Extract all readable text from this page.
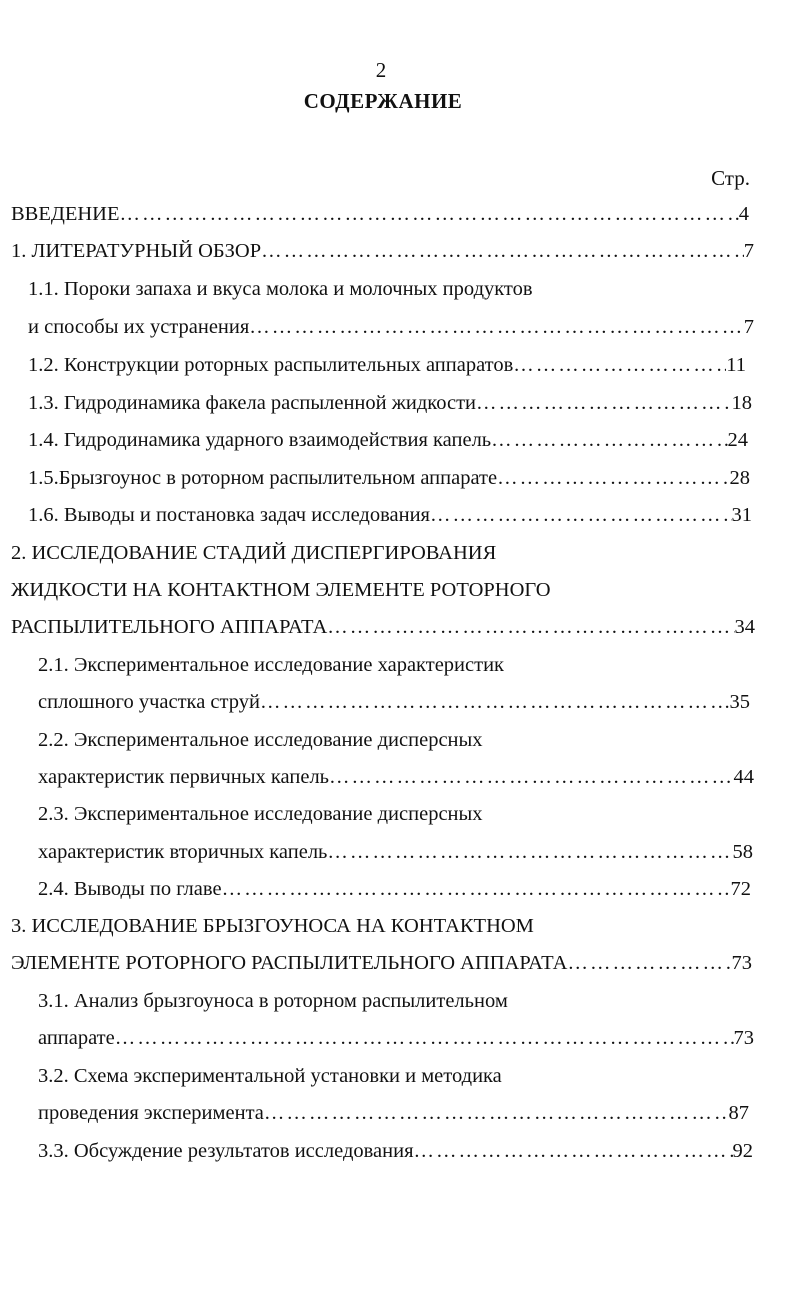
2
СОДЕРЖАНИЕ
Стр.
ВВЕДЕНИЕ …………………………………………………………………………………………………………………………	4
1. ЛИТЕРАТУРНЫЙ ОБЗОР …………………………………………………………………………………………………………………………	7
1.1. Пороки запаха и вкуса молока и молочных продуктов
и способы их устранения …………………………………………………………………………………………………………………………	7
1.2. Конструкции роторных распылительных аппаратов …………………………………………………………………………………………………………………………	11
1.3. Гидродинамика факела распыленной жидкости …………………………………………………………………………………………………………………………	18
1.4. Гидродинамика ударного взаимодействия капель …………………………………………………………………………………………………………………………	24
1.5.Брызгоунос в роторном распылительном аппарате …………………………………………………………………………………………………………………………	28
1.6. Выводы и постановка задач исследования …………………………………………………………………………………………………………………………	31
2. ИССЛЕДОВАНИЕ СТАДИЙ ДИСПЕРГИРОВАНИЯ
ЖИДКОСТИ НА КОНТАКТНОМ ЭЛЕМЕНТЕ РОТОРНОГО
РАСПЫЛИТЕЛЬНОГО АППАРАТА …………………………………………………………………………………………………………………………	34
2.1. Экспериментальное исследование характеристик
сплошного участка струй …………………………………………………………………………………………………………………………	35
2.2. Экспериментальное исследование дисперсных
характеристик первичных капель …………………………………………………………………………………………………………………………	44
2.3. Экспериментальное исследование дисперсных
характеристик вторичных капель …………………………………………………………………………………………………………………………	58
2.4. Выводы по главе …………………………………………………………………………………………………………………………	72
3. ИССЛЕДОВАНИЕ БРЫЗГОУНОСА НА КОНТАКТНОМ
ЭЛЕМЕНТЕ РОТОРНОГО РАСПЫЛИТЕЛЬНОГО АППАРАТА …………………………………………………………………………………………………………………………	73
3.1. Анализ брызгоуноса в роторном распылительном
аппарате …………………………………………………………………………………………………………………………	73
3.2. Схема экспериментальной установки и методика
проведения эксперимента …………………………………………………………………………………………………………………………	87
3.3. Обсуждение результатов исследования …………………………………………………………………………………………………………………………	92
